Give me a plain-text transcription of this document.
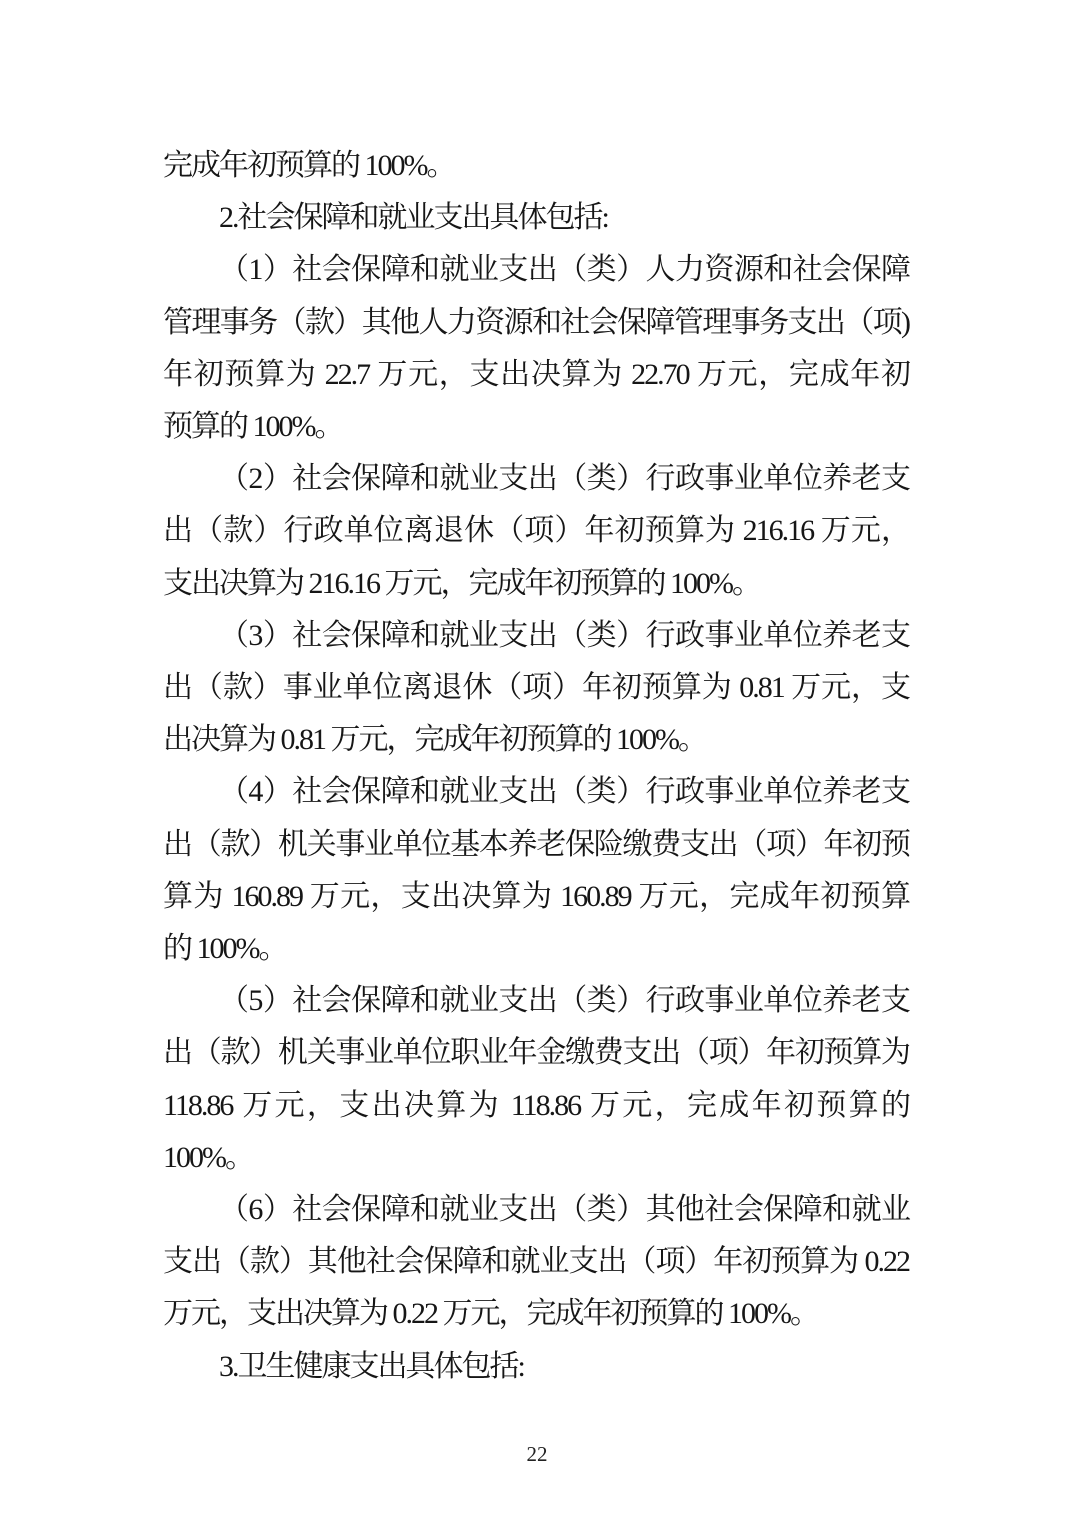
完成年初预算的 100%。
2.社会保障和就业支出具体包括:
（1）社会保障和就业支出（类）人力资源和社会保障
管理事务（款）其他人力资源和社会保障管理事务支出（项)
年初预算为 22.7 万元，支出决算为 22.70 万元，完成年初
预算的 100%。
（2）社会保障和就业支出（类）行政事业单位养老支
出（款）行政单位离退休（项）年初预算为 216.16 万元，
支出决算为 216.16 万元，完成年初预算的 100%。
（3）社会保障和就业支出（类）行政事业单位养老支
出（款）事业单位离退休（项）年初预算为 0.81 万元，支
出决算为 0.81 万元，完成年初预算的 100%。
（4）社会保障和就业支出（类）行政事业单位养老支
出（款）机关事业单位基本养老保险缴费支出（项）年初预
算为 160.89 万元，支出决算为 160.89 万元，完成年初预算
的 100%。
（5）社会保障和就业支出（类）行政事业单位养老支
出（款）机关事业单位职业年金缴费支出（项）年初预算为
118.86 万元，支出决算为 118.86 万元，完成年初预算的
100%。
（6）社会保障和就业支出（类）其他社会保障和就业
支出（款）其他社会保障和就业支出（项）年初预算为 0.22
万元，支出决算为 0.22 万元，完成年初预算的 100%。
3.卫生健康支出具体包括:
22
